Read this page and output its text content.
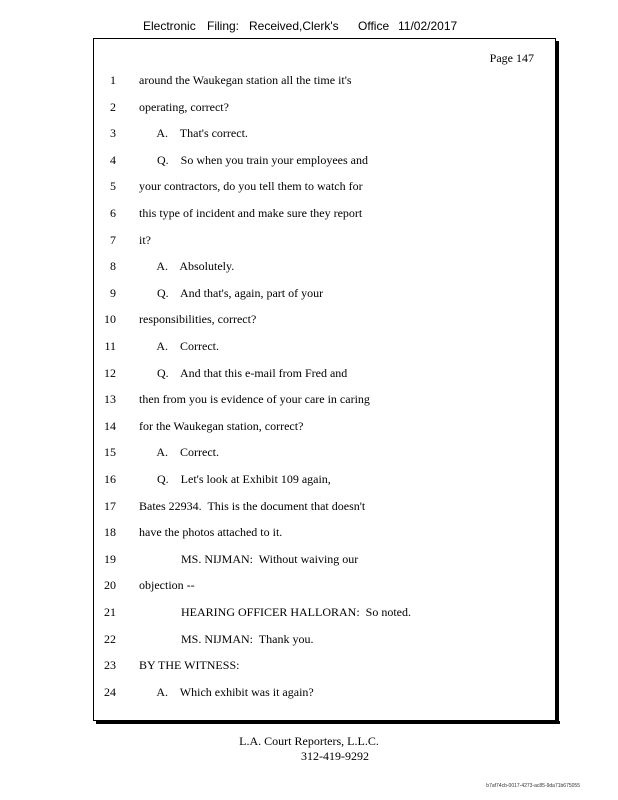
Electronic Filing: Received,Clerk's Office 11/02/2017
Page 147
1 around the Waukegan station all the time it's
2 operating, correct?
3 A.    That's correct.
4 Q.    So when you train your employees and
5 your contractors, do you tell them to watch for
6 this type of incident and make sure they report
7 it?
8 A.    Absolutely.
9 Q.    And that's, again, part of your
10 responsibilities, correct?
11 A.    Correct.
12 Q.    And that this e-mail from Fred and
13 then from you is evidence of your care in caring
14 for the Waukegan station, correct?
15 A.    Correct.
16 Q.    Let's look at Exhibit 109 again,
17 Bates 22934.  This is the document that doesn't
18 have the photos attached to it.
19 MS. NIJMAN:  Without waiving our
20 objection --
21 HEARING OFFICER HALLORAN:  So noted.
22 MS. NIJMAN:  Thank you.
23 BY THE WITNESS:
24 A.    Which exhibit was it again?
L.A. Court Reporters, L.L.C.
312-419-9292
b7af74cb-0017-4273-ac85-9da71b675055
